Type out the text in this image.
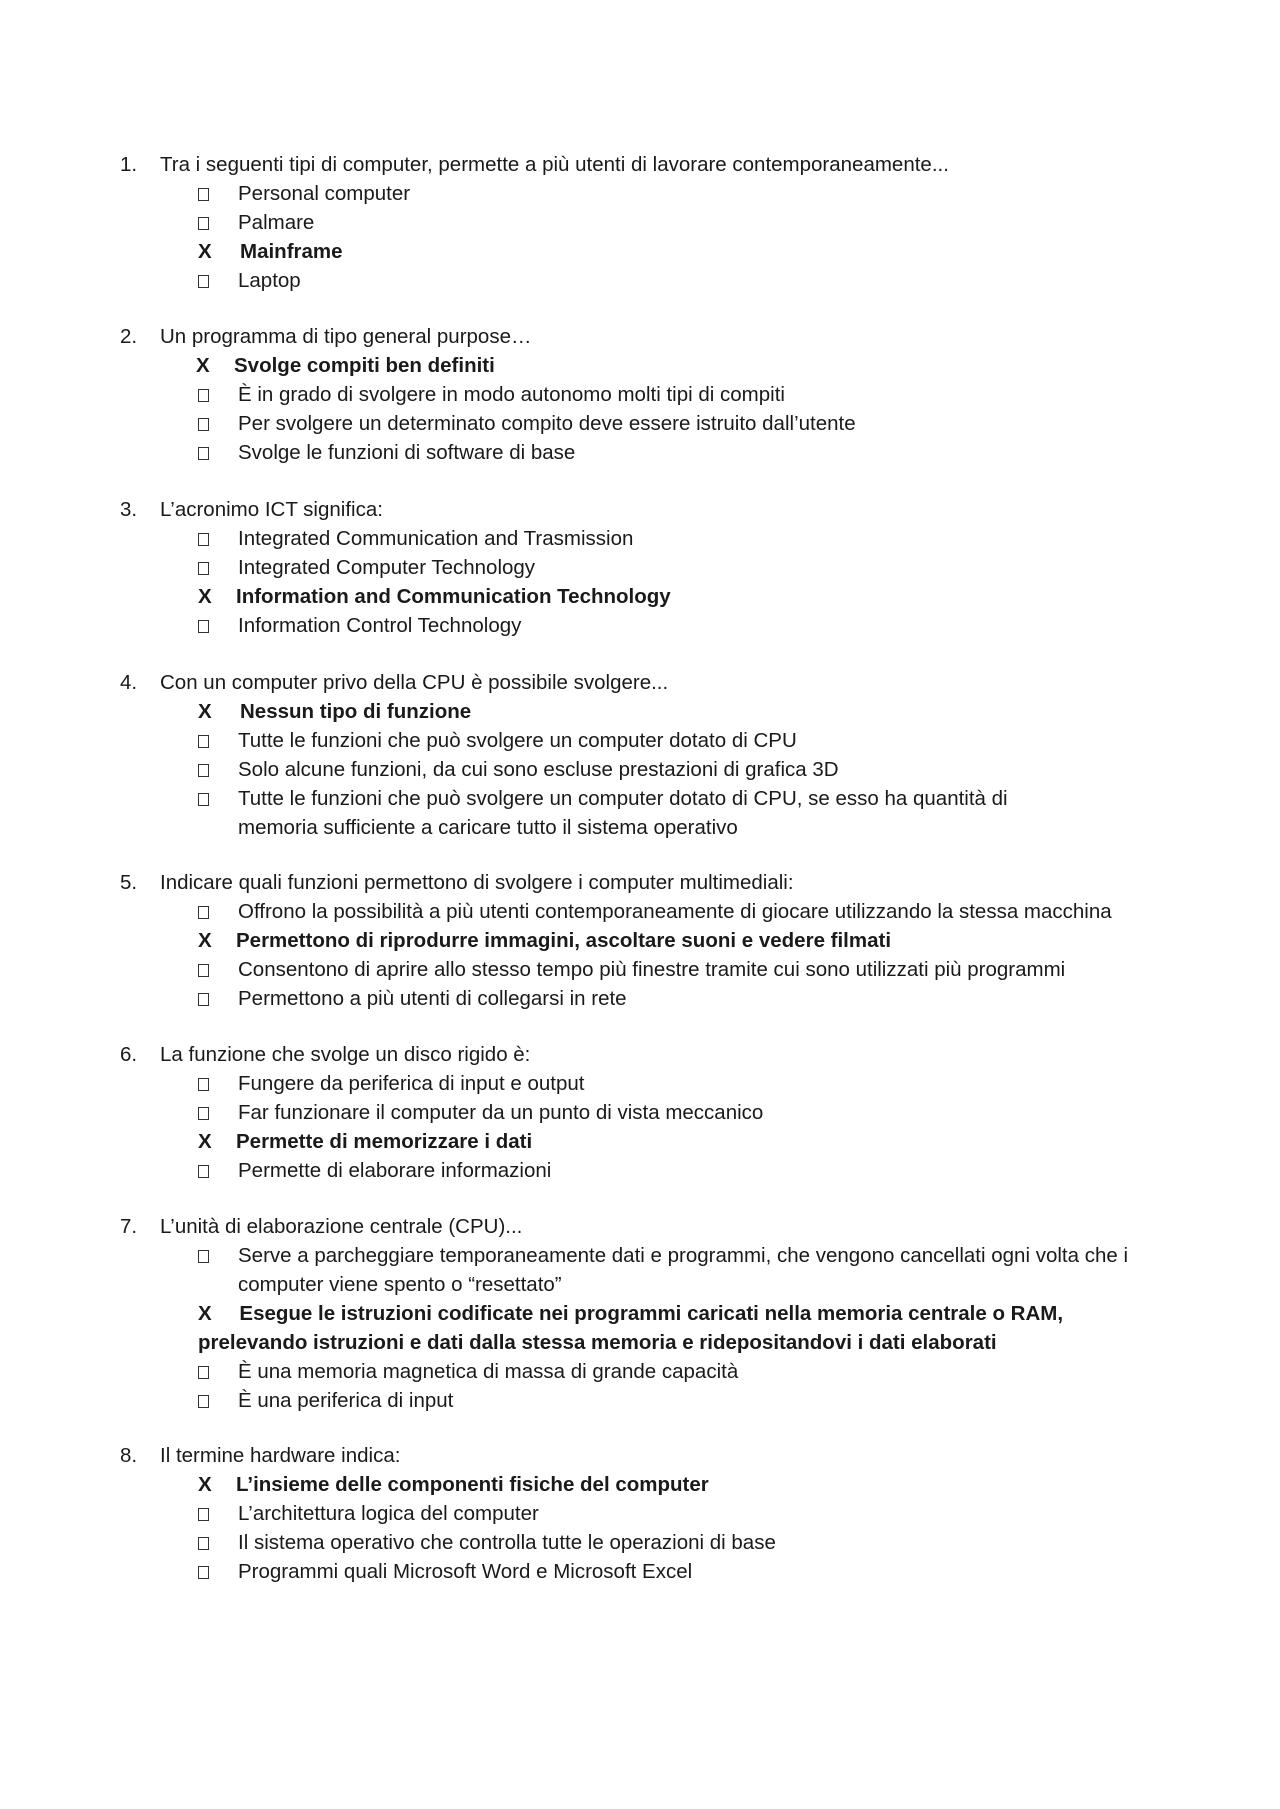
1.	Tra i seguenti tipi di computer, permette a più utenti di lavorare contemporaneamente...
Personal computer
Palmare
X	Mainframe
Laptop
2.	Un programma di tipo general purpose…
X	Svolge compiti ben definiti
È in grado di svolgere in modo autonomo molti tipi di compiti
Per svolgere un determinato compito deve essere istruito dall’utente
Svolge le funzioni di software di base
3.	L’acronimo ICT significa:
Integrated Communication and Trasmission
Integrated Computer Technology
X	Information and Communication Technology
Information Control Technology
4.	Con un computer privo della CPU è possibile svolgere...
X	Nessun tipo di funzione
Tutte le funzioni che può svolgere un computer dotato di CPU
Solo alcune funzioni, da cui sono escluse prestazioni di grafica 3D
Tutte le funzioni che può svolgere un computer dotato di CPU, se esso ha quantità di memoria sufficiente a caricare tutto il sistema operativo
5.	Indicare quali funzioni permettono di svolgere i computer multimediali:
Offrono la possibilità a più utenti contemporaneamente di giocare utilizzando la stessa macchina
X	Permettono di riprodurre immagini, ascoltare suoni e vedere filmati
Consentono di aprire allo stesso tempo più finestre tramite cui sono utilizzati più programmi
Permettono a più utenti di collegarsi in rete
6.	La funzione che svolge un disco rigido è:
Fungere da periferica di input e output
Far funzionare il computer da un punto di vista meccanico
X	Permette di memorizzare i dati
Permette di elaborare informazioni
7.	L’unità di elaborazione centrale (CPU)...
Serve a parcheggiare temporaneamente dati e programmi, che vengono cancellati ogni volta che i computer viene spento o “resettato”
X Esegue le istruzioni codificate nei programmi caricati nella memoria centrale o RAM, prelevando istruzioni e dati dalla stessa memoria e ridepositandovi i dati elaborati
È una memoria magnetica di massa di grande capacità
È una periferica di input
8.	Il termine hardware indica:
X	L’insieme delle componenti fisiche del computer
L’architettura logica del computer
Il sistema operativo che controlla tutte le operazioni di base
Programmi quali Microsoft Word e Microsoft Excel
